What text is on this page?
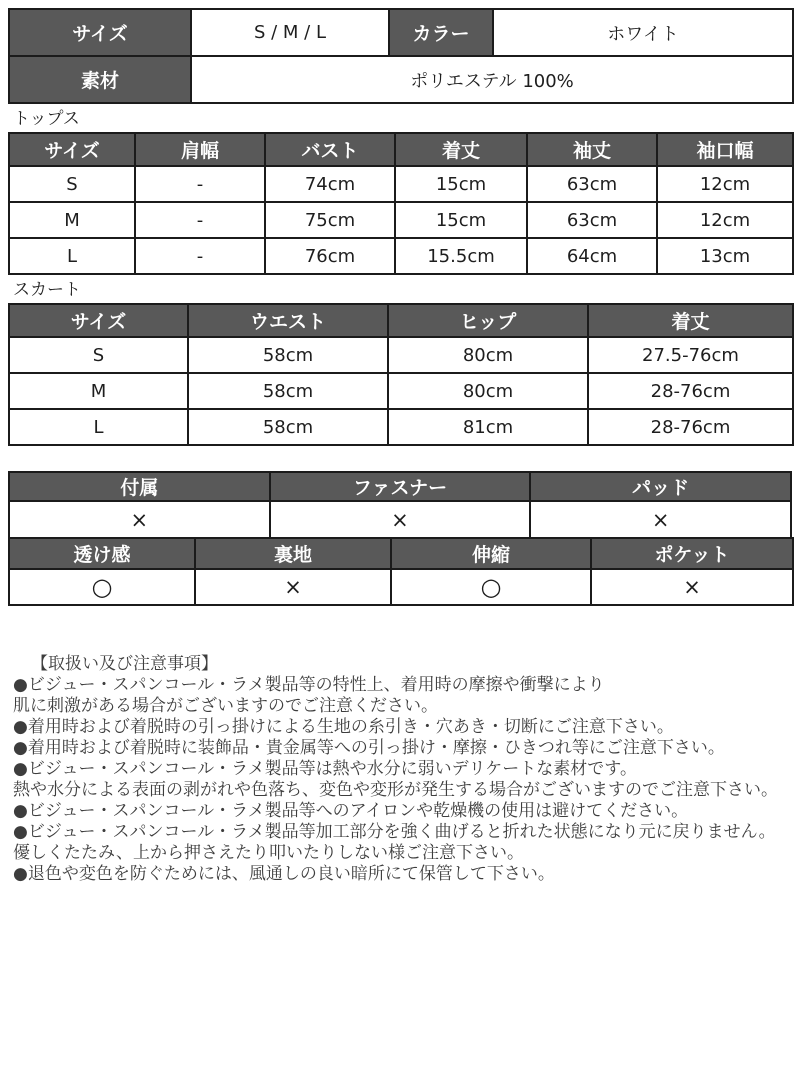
サイズ	S / M / L	カラー	ホワイト
素材	ポリエステル 100%		
トップス
サイズ	肩幅	バスト	着丈	袖丈	袖口幅
S	-	74cm	15cm	63cm	12cm
M	-	75cm	15cm	63cm	12cm
L	-	76cm	15.5cm	64cm	13cm
スカート
サイズ	ウエスト	ヒップ	着丈
S	58cm	80cm	27.5-76cm
M	58cm	80cm	28-76cm
L	58cm	81cm	28-76cm
付属	ファスナー	パッド
×	×	×
透け感	裏地	伸縮	ポケット
○	×	○	×
【取扱い及び注意事項】
●ビジュー・スパンコール・ラメ製品等の特性上、着用時の摩擦や衝撃により
肌に刺激がある場合がございますのでご注意ください。
●着用時および着脱時の引っ掛けによる生地の糸引き・穴あき・切断にご注意下さい。
●着用時および着脱時に装飾品・貴金属等への引っ掛け・摩擦・ひきつれ等にご注意下さい。
●ビジュー・スパンコール・ラメ製品等は熱や水分に弱いデリケートな素材です。
熱や水分による表面の剥がれや色落ち、変色や変形が発生する場合がございますのでご注意下さい。
●ビジュー・スパンコール・ラメ製品等へのアイロンや乾燥機の使用は避けてください。
●ビジュー・スパンコール・ラメ製品等加工部分を強く曲げると折れた状態になり元に戻りません。
優しくたたみ、上から押さえたり叩いたりしない様ご注意下さい。
●退色や変色を防ぐためには、風通しの良い暗所にて保管して下さい。
